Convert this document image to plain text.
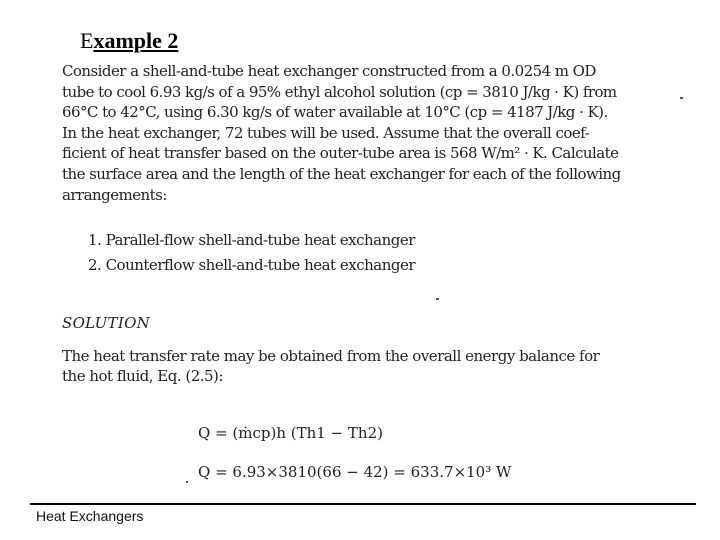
Example 2
Consider a shell-and-tube heat exchanger constructed from a 0.0254 m OD
tube to cool 6.93 kg/s of a 95% ethyl alcohol solution (cp = 3810 J/kg · K) from
66°C to 42°C, using 6.30 kg/s of water available at 10°C (cp = 4187 J/kg · K).
In the heat exchanger, 72 tubes will be used. Assume that the overall coef-
ficient of heat transfer based on the outer-tube area is 568 W/m² · K. Calculate
the surface area and the length of the heat exchanger for each of the following
arrangements:
1. Parallel-flow shell-and-tube heat exchanger
2. Counterflow shell-and-tube heat exchanger
SOLUTION
The heat transfer rate may be obtained from the overall energy balance for
the hot fluid, Eq. (2.5):
Q = (ṁcp)h (Th1 − Th2)
Q = 6.93×3810(66 − 42) = 633.7×10³ W
Heat Exchangers
